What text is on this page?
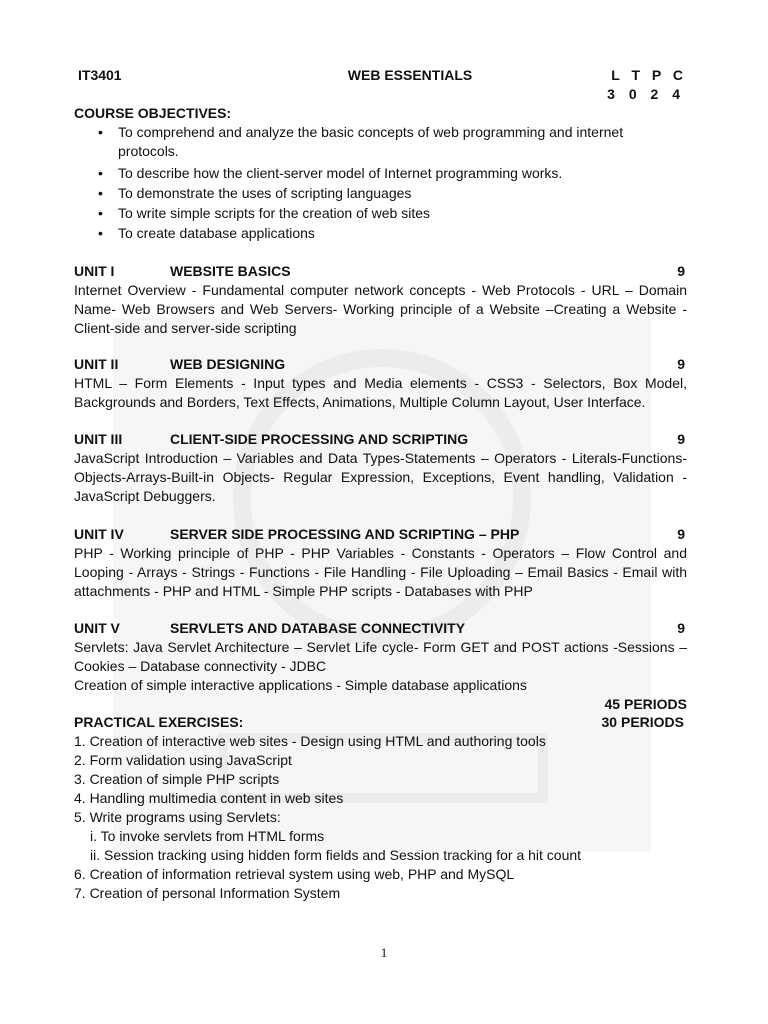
IT3401	WEB ESSENTIALS	L T P C
3 0 2 4
COURSE OBJECTIVES:
• To comprehend and analyze the basic concepts of web programming and internet protocols.
• To describe how the client-server model of Internet programming works.
• To demonstrate the uses of scripting languages
• To write simple scripts for the creation of web sites
• To create database applications
UNIT I	WEBSITE BASICS	9
Internet Overview - Fundamental computer network concepts - Web Protocols - URL – Domain Name- Web Browsers and Web Servers- Working principle of a Website –Creating a Website - Client-side and server-side scripting
UNIT II	WEB DESIGNING	9
HTML – Form Elements - Input types and Media elements - CSS3 - Selectors, Box Model, Backgrounds and Borders, Text Effects, Animations, Multiple Column Layout, User Interface.
UNIT III	CLIENT-SIDE PROCESSING AND SCRIPTING	9
JavaScript Introduction – Variables and Data Types-Statements – Operators - Literals-Functions-Objects-Arrays-Built-in Objects- Regular Expression, Exceptions, Event handling, Validation - JavaScript Debuggers.
UNIT IV	SERVER SIDE PROCESSING AND SCRIPTING – PHP	9
PHP - Working principle of PHP - PHP Variables - Constants - Operators – Flow Control and Looping - Arrays - Strings - Functions - File Handling - File Uploading – Email Basics - Email with attachments - PHP and HTML - Simple PHP scripts - Databases with PHP
UNIT V	SERVLETS AND DATABASE CONNECTIVITY	9
Servlets: Java Servlet Architecture – Servlet Life cycle- Form GET and POST actions -Sessions – Cookies – Database connectivity - JDBC
Creation of simple interactive applications - Simple database applications
45 PERIODS
PRACTICAL EXERCISES:	30 PERIODS
1. Creation of interactive web sites - Design using HTML and authoring tools
2. Form validation using JavaScript
3. Creation of simple PHP scripts
4. Handling multimedia content in web sites
5. Write programs using Servlets:
i. To invoke servlets from HTML forms
ii. Session tracking using hidden form fields and Session tracking for a hit count
6. Creation of information retrieval system using web, PHP and MySQL
7. Creation of personal Information System
1
